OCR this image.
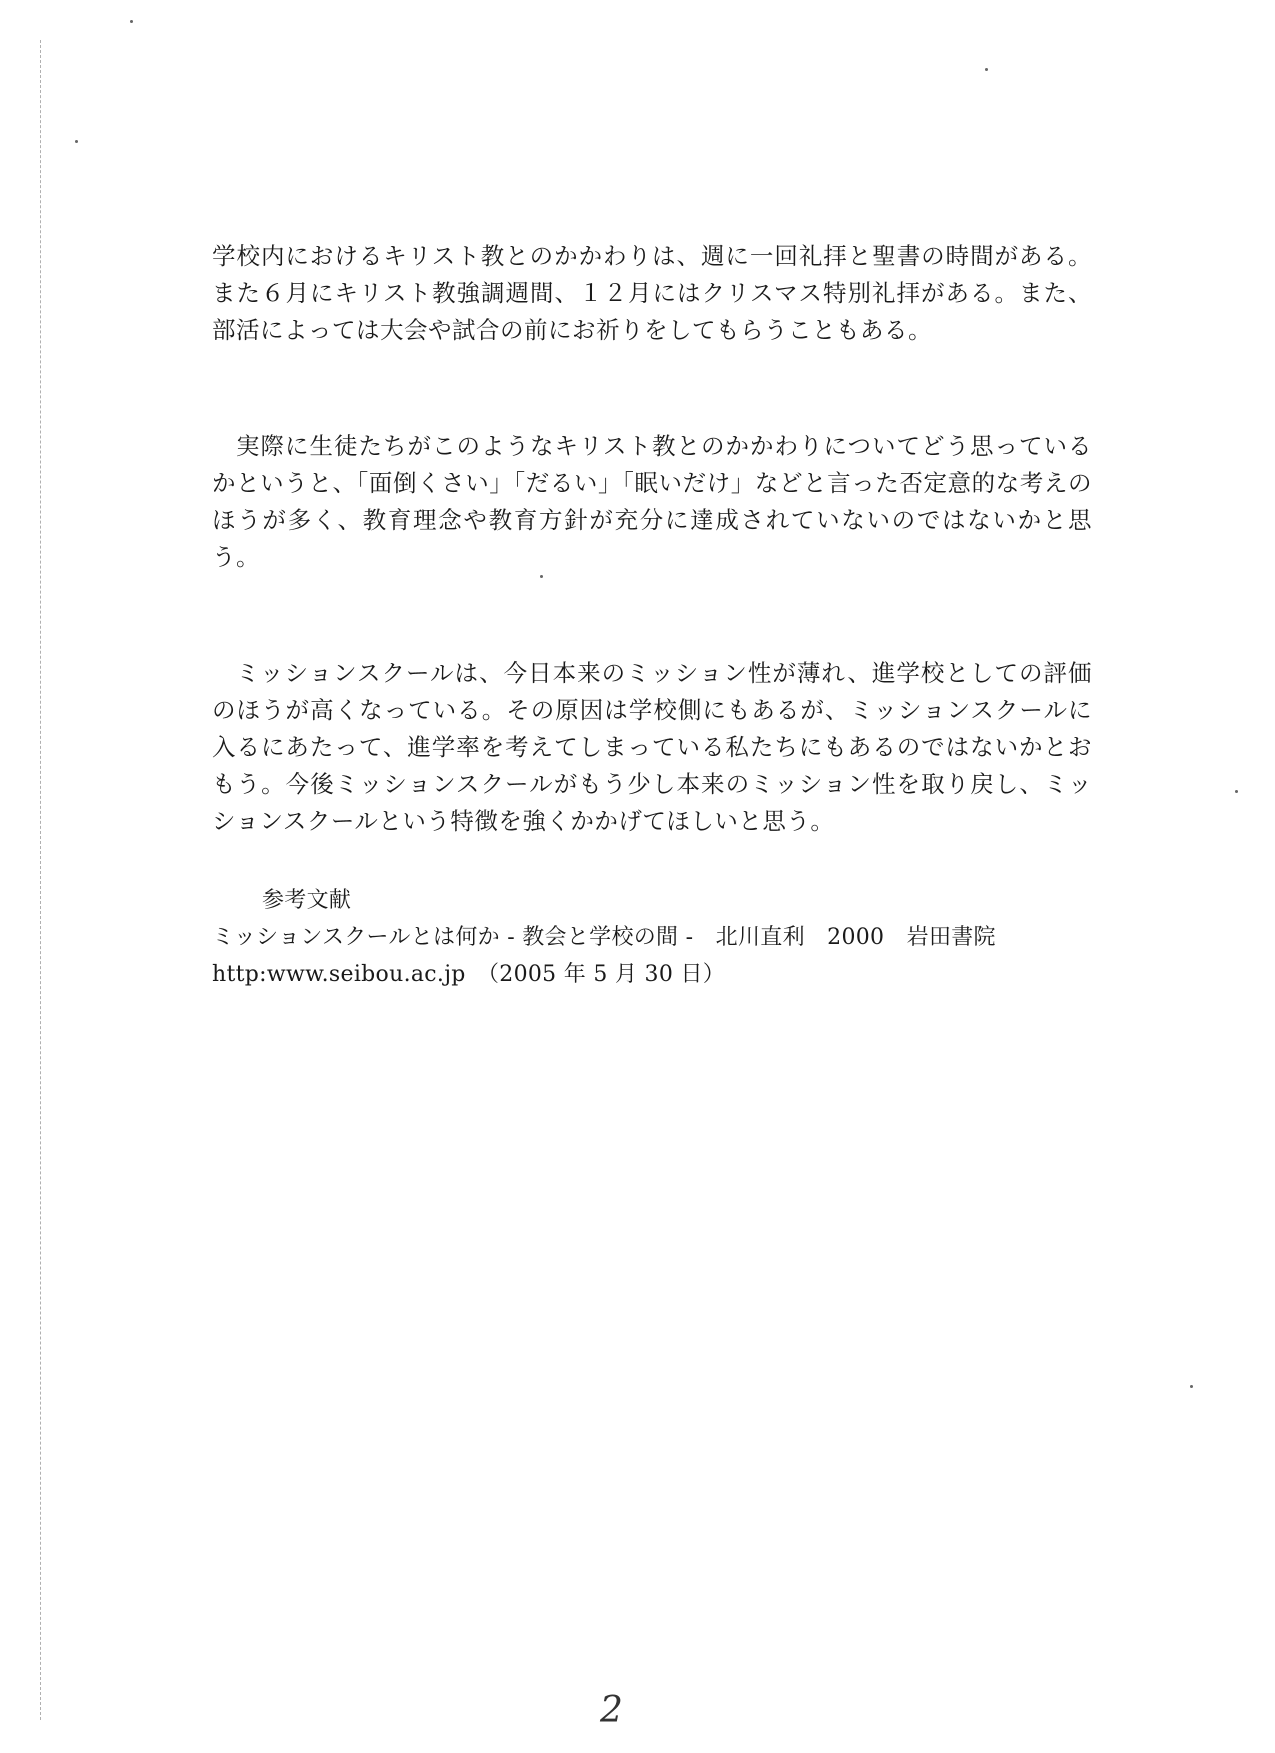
学校内におけるキリスト教とのかかわりは、週に一回礼拝と聖書の時間がある。また６月にキリスト教強調週間、１２月にはクリスマス特別礼拝がある。また、部活によっては大会や試合の前にお祈りをしてもらうこともある。

実際に生徒たちがこのようなキリスト教とのかかわりについてどう思っているかというと、「面倒くさい」「だるい」「眠いだけ」などと言った否定意的な考えのほうが多く、教育理念や教育方針が充分に達成されていないのではないかと思う。

ミッションスクールは、今日本来のミッション性が薄れ、進学校としての評価のほうが高くなっている。その原因は学校側にもあるが、ミッションスクールに入るにあたって、進学率を考えてしまっている私たちにもあるのではないかとおもう。今後ミッションスクールがもう少し本来のミッション性を取り戻し、ミッションスクールという特徴を強くかかげてほしいと思う。

参考文献
ミッションスクールとは何か - 教会と学校の間 -　北川直利　2000　岩田書院
http:www.seibou.ac.jp　（2005 年 5 月 30 日）
2
